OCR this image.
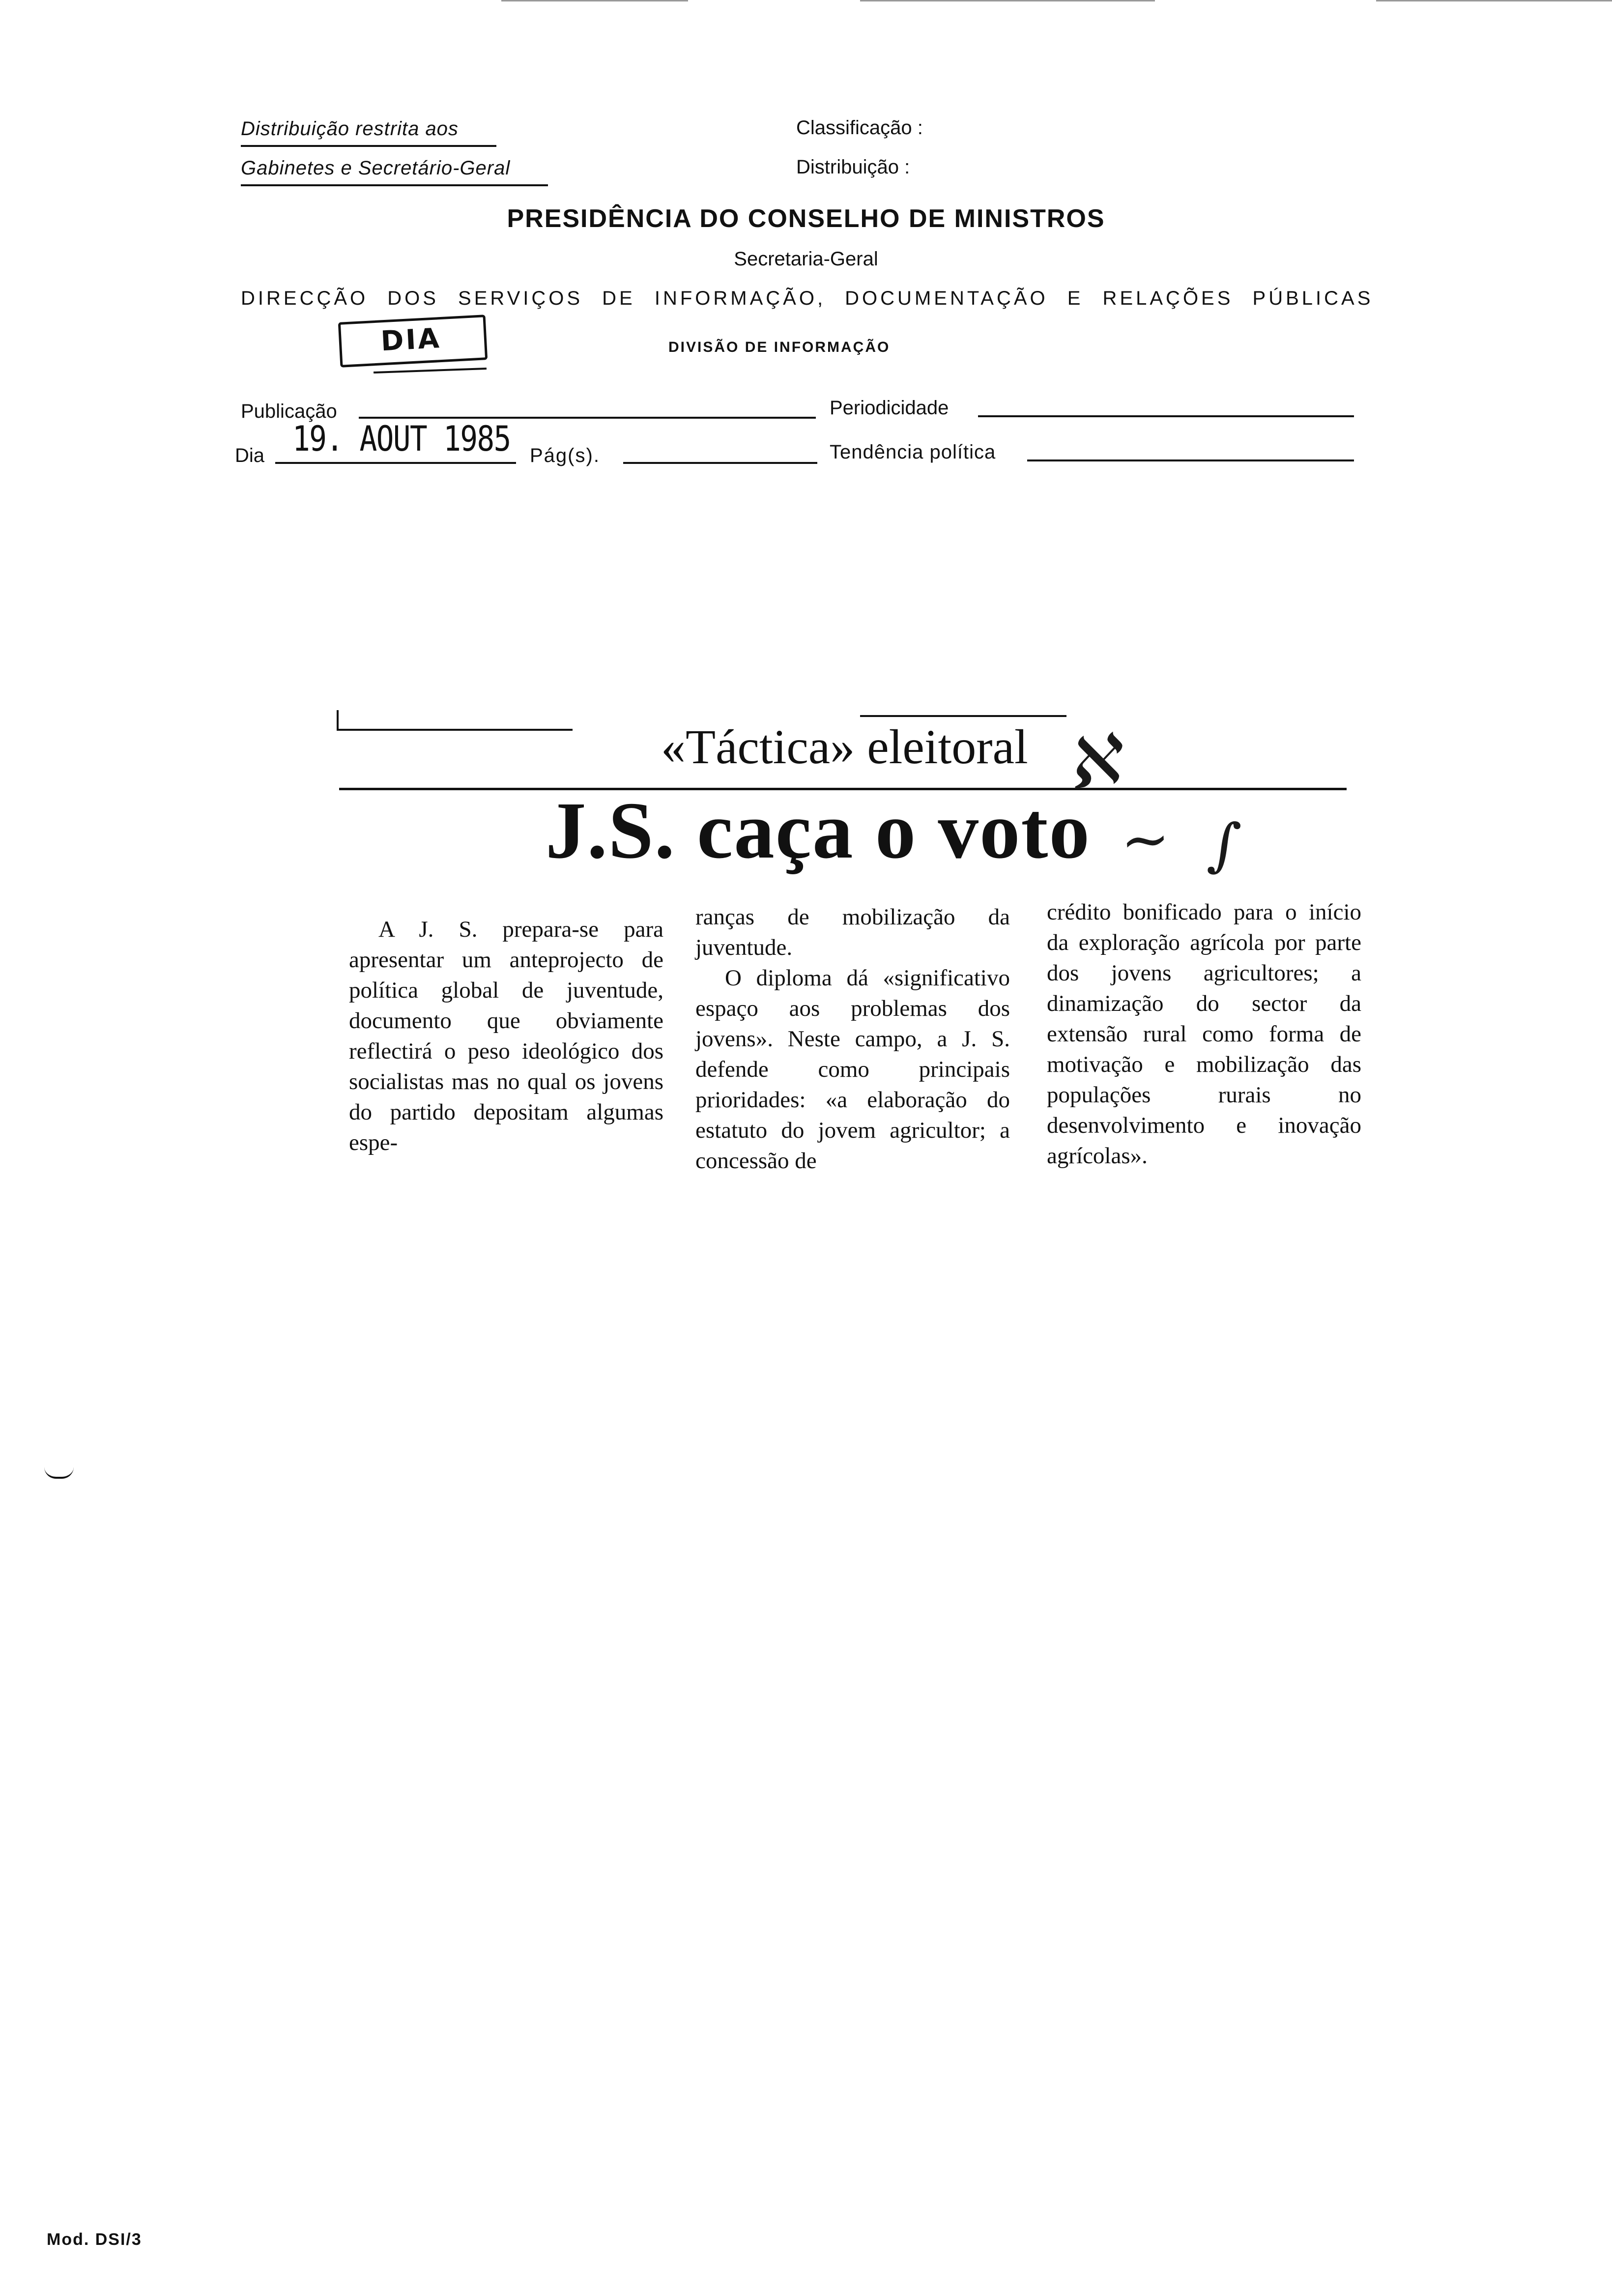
Distribuição restrita aos
Gabinetes e Secretário-Geral
Classificação :
Distribuição :
PRESIDÊNCIA DO CONSELHO DE MINISTROS
Secretaria-Geral
DIRECÇÃO DOS SERVIÇOS DE INFORMAÇÃO, DOCUMENTAÇÃO E RELAÇÕES PÚBLICAS
DIA	DIVISÃO DE INFORMAÇÃO
Publicação	Periodicidade
Dia 19. AOUT 1985 Pág(s).	Tendência política
«Táctica» eleitoral
J.S. caça o voto
ℵ
~ ∫

A J. S. prepara-se para apresentar um anteprojecto de política global de juventude, documento que obviamente reflectirá o peso ideológico dos socialistas mas no qual os jovens do partido depositam algumas espe-

ranças de mobilização da juventude.

O diploma dá «significativo espaço aos problemas dos jovens». Neste campo, a J. S. defende como principais prioridades: «a elaboração do estatuto do jovem agricultor; a concessão de

crédito bonificado para o início da exploração agrícola por parte dos jovens agricultores; a dinamização do sector da extensão rural como forma de motivação e mobilização das populações rurais no desenvolvimento e inovação agrícolas».

Mod. DSI/3
